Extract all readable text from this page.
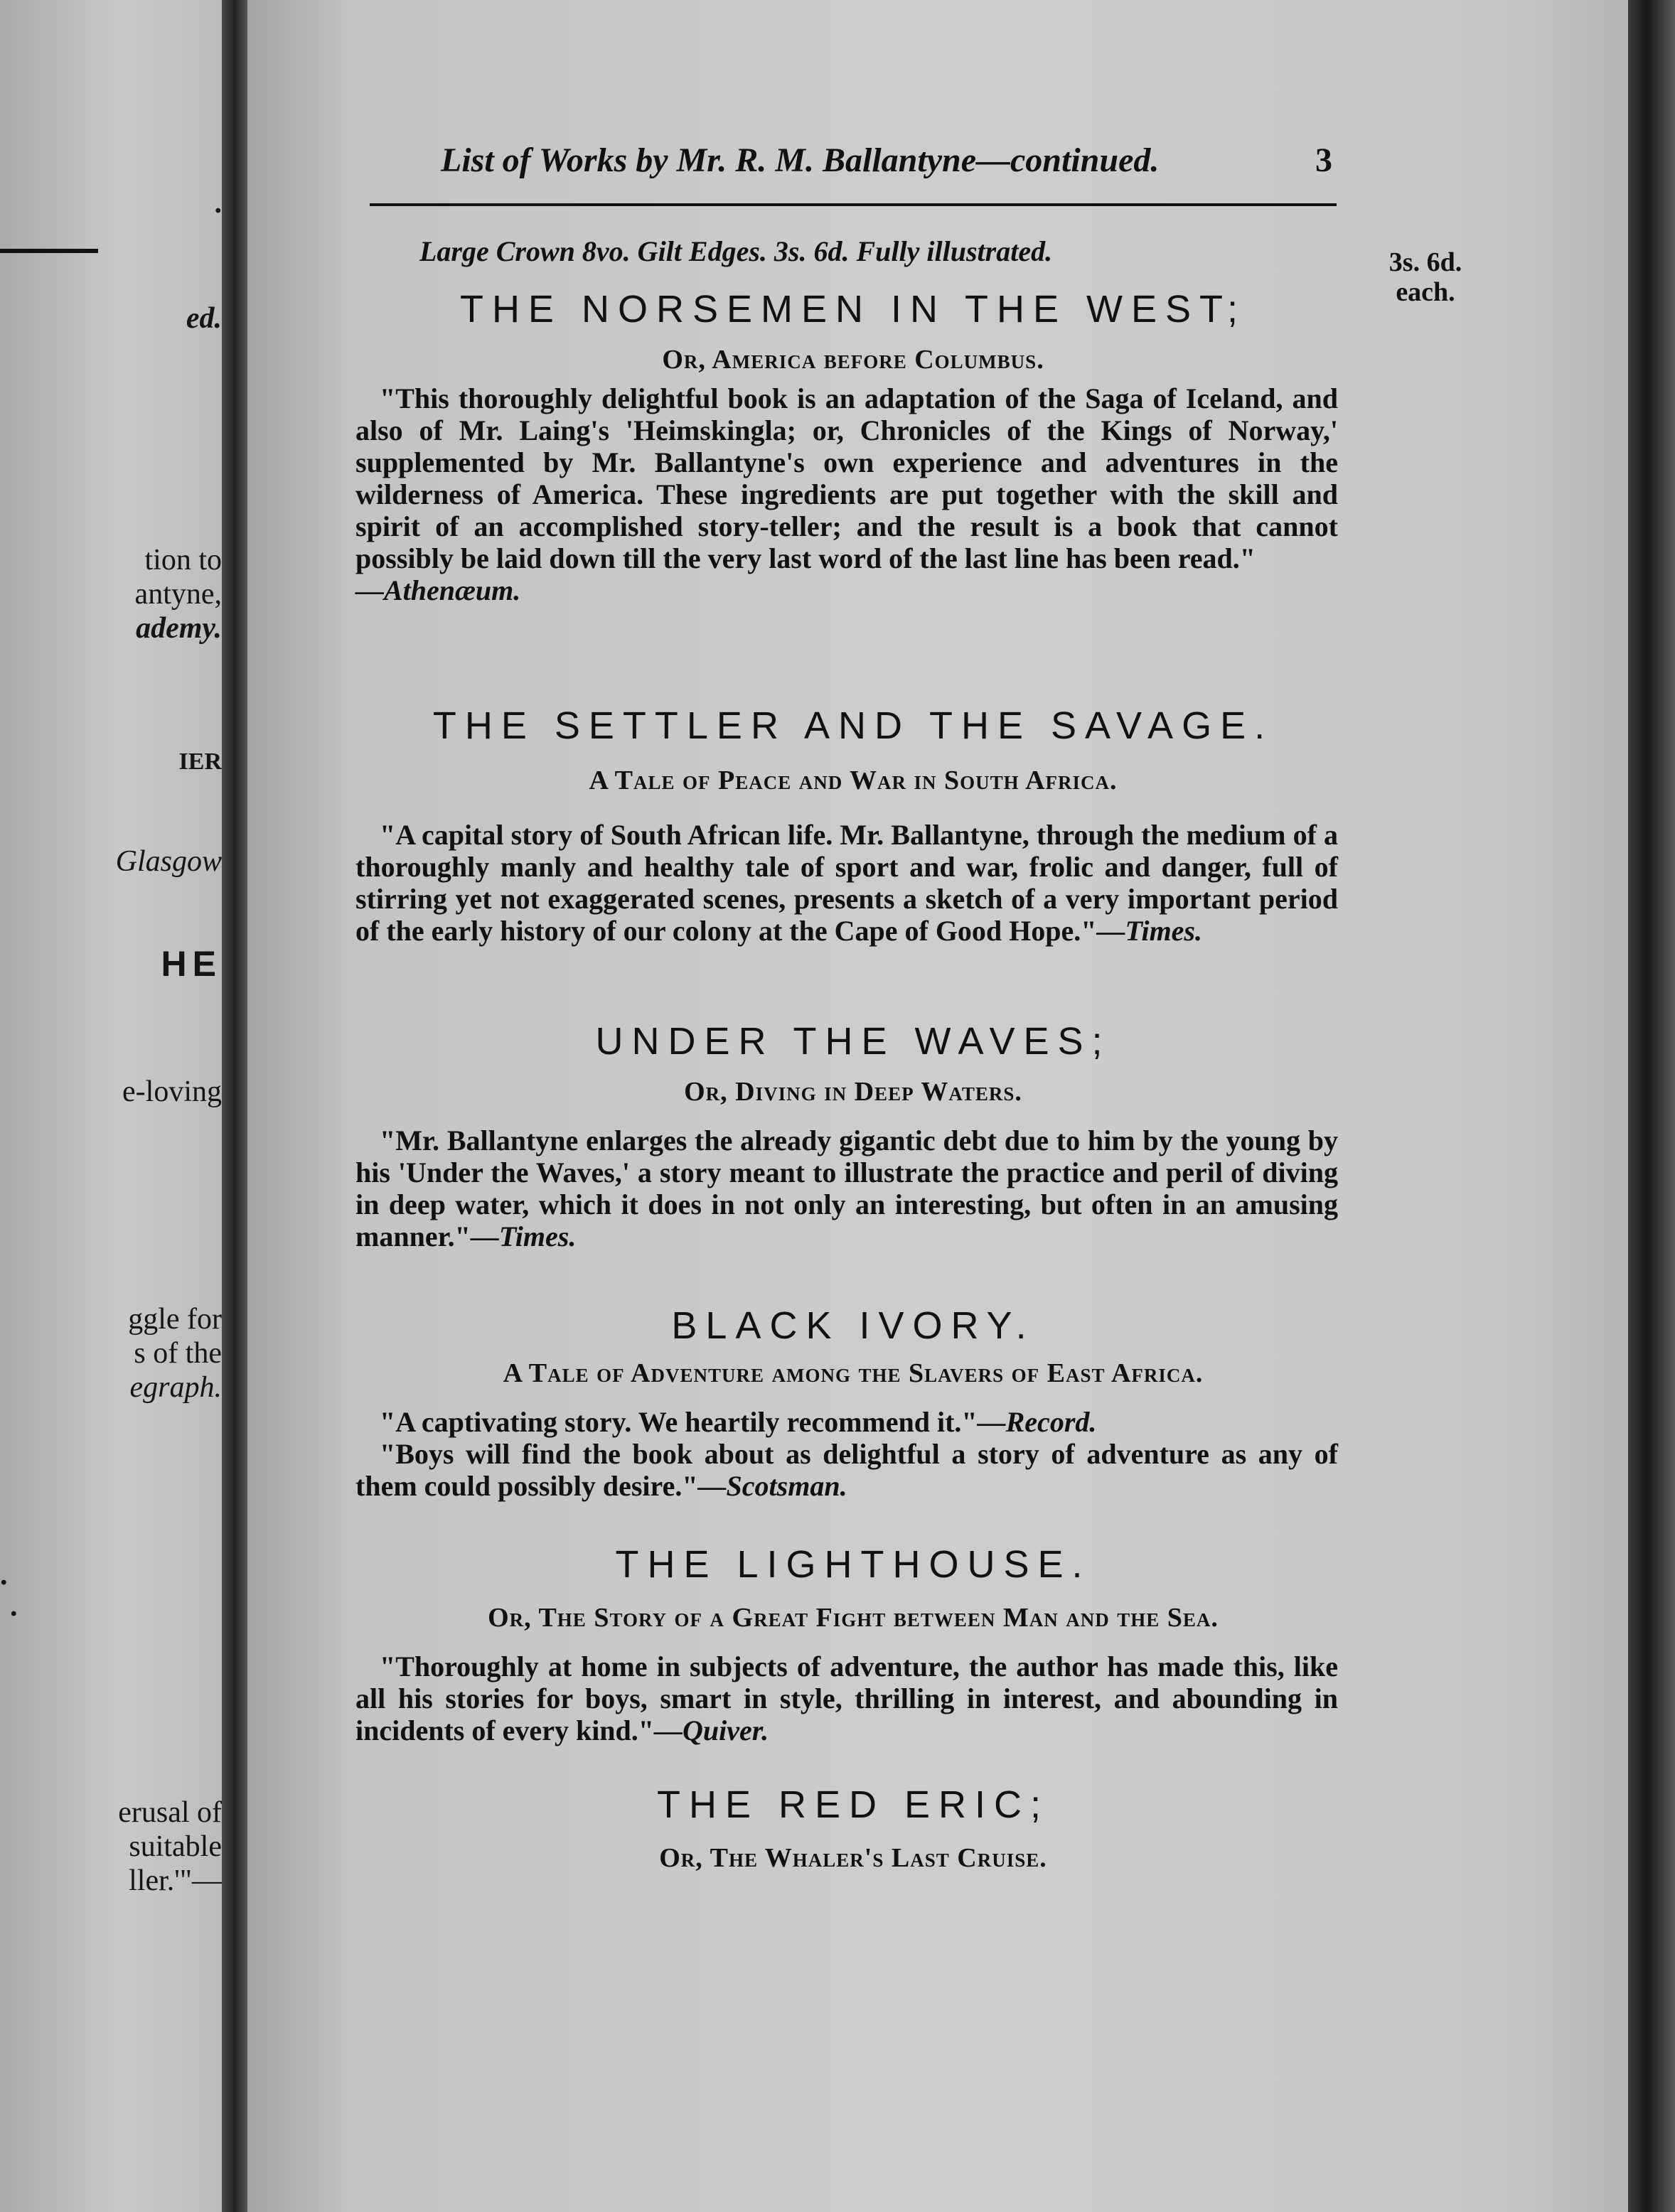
.
ed.
tion to
antyne,
ademy.
IER
Glasgow
HE
e-loving
ggle for
s of the
egraph.
.
.
erusal of
suitable
ller.'"—
List of Works by Mr. R. M. Ballantyne—continued.	3
Large Crown 8vo. Gilt Edges. 3s. 6d. Fully illustrated.	3s. 6d. each.
THE NORSEMEN IN THE WEST;
Or, America before Columbus.

"This thoroughly delightful book is an adaptation of the Saga of Iceland, and also of Mr. Laing's 'Heimskingla; or, Chronicles of the Kings of Norway,' supplemented by Mr. Ballantyne's own experience and adventures in the wilderness of America. These ingredients are put together with the skill and spirit of an accomplished story-teller; and the result is a book that cannot possibly be laid down till the very last word of the last line has been read."

—Athenæum.
THE SETTLER AND THE SAVAGE.
A Tale of Peace and War in South Africa.

"A capital story of South African life. Mr. Ballantyne, through the medium of a thoroughly manly and healthy tale of sport and war, frolic and danger, full of stirring yet not exaggerated scenes, presents a sketch of a very important period of the early history of our colony at the Cape of Good Hope."—Times.

UNDER THE WAVES;
Or, Diving in Deep Waters.

"Mr. Ballantyne enlarges the already gigantic debt due to him by the young by his 'Under the Waves,' a story meant to illustrate the practice and peril of diving in deep water, which it does in not only an interesting, but often in an amusing manner."—Times.

BLACK IVORY.
A Tale of Adventure among the Slavers of East Africa.

"A captivating story. We heartily recommend it."—Record.

"Boys will find the book about as delightful a story of adventure as any of them could possibly desire."—Scotsman.

THE LIGHTHOUSE.
Or, The Story of a Great Fight between Man and the Sea.

"Thoroughly at home in subjects of adventure, the author has made this, like all his stories for boys, smart in style, thrilling in interest, and abounding in incidents of every kind."—Quiver.

THE RED ERIC;
Or, The Whaler's Last Cruise.
